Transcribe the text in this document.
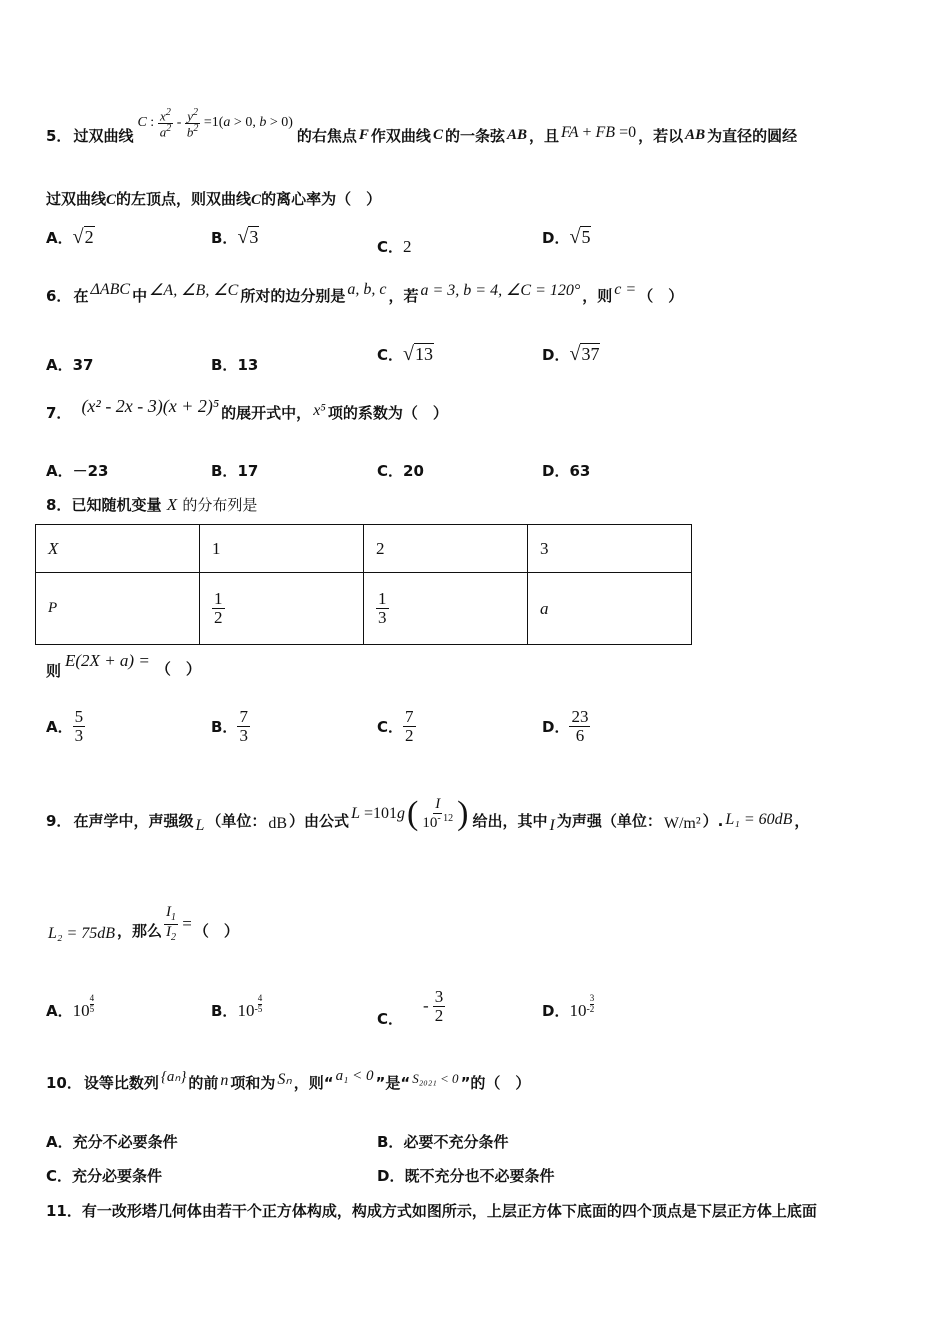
5． 过双曲线
C : $\frac{x^2}{a^2} - \frac{y^2}{b^2} =1$( a > 0, b > 0)
的右焦点 F 作双曲线 C 的一条弦 AB ，且 FA + FB =0 ，若以 AB 为直径的圆经
过双曲线C的左顶点，则双曲线C的离心率为（　）
A．√2	B．√3	C．2	D．√5
6． 在 ΔABC 中 ∠A, ∠B, ∠C 所对的边分别是 a, b, c ，若 a = 3, b = 4, ∠C = 120° ，则 c = （　）
A．37	B．13
C．√13	D．√37
7． (x² - 2x - 3)(x + 2)⁵ 的展开式中， x⁵ 项的系数为（　）
A．－23	B．17	C．20	D．63
8．已知随机变量 X 的分布列是
X	1	2	3
P	$\frac{1}{2}$	$\frac{1}{3}$	a
则
E(2X + a) = （　）
A． $\frac{5}{3}$	B． $\frac{7}{3}$	C． $\frac{7}{2}$	D． $\frac{23}{6}$
9． 在声学中，声强级 L （单位： dB ）由公式 L =101 g ( $\frac{I}{10^{- 12}}$ ) 给出，其中 I 为声强（单位： W/m² ）. L₁ = 60dB ，
L₂ = 75dB ，那么 $\frac{I_1}{I_2}$ = （　）
A．$10 \frac{4}{5}$	B．$10^- \frac{4}{5}$
C．
- $\frac{3}{2}$	D．$10^- \frac{3}{2}$
10． 设等比数列 {aₙ} 的前 n 项和为 Sₙ ，则“ a₁ < 0 ”是“ S₂₀₂₁ < 0 ”的（　）
A．充分不必要条件	B．必要不充分条件
C．充分必要条件	D．既不充分也不必要条件
11．有一改形塔几何体由若干个正方体构成，构成方式如图所示，上层正方体下底面的四个顶点是下层正方体上底面
